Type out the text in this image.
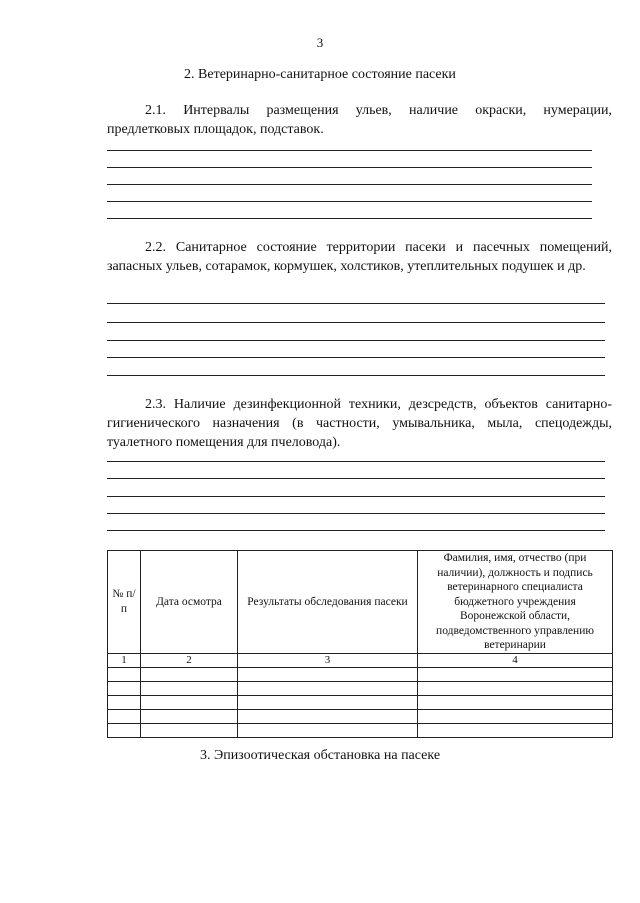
3
2. Ветеринарно-санитарное состояние пасеки

2.1. Интервалы размещения ульев, наличие окраски, нумерации, предлетковых площадок, подставок.

2.2. Санитарное состояние территории пасеки и пасечных помещений, запасных ульев, сотарамок, кормушек, холстиков, утеплительных подушек и др.

2.3. Наличие дезинфекционной техники, дезсредств, объектов санитарно-гигиенического назначения (в частности, умывальника, мыла, спецодежды, туалетного помещения для пчеловода).

№ п/п	Дата осмотра	Результаты обследования пасеки	Фамилия, имя, отчество (при наличии), должность и подпись ветеринарного специалиста бюджетного учреждения Воронежской области, подведомственного управлению ветеринарии
1	2	3	4

3. Эпизоотическая обстановка на пасеке
